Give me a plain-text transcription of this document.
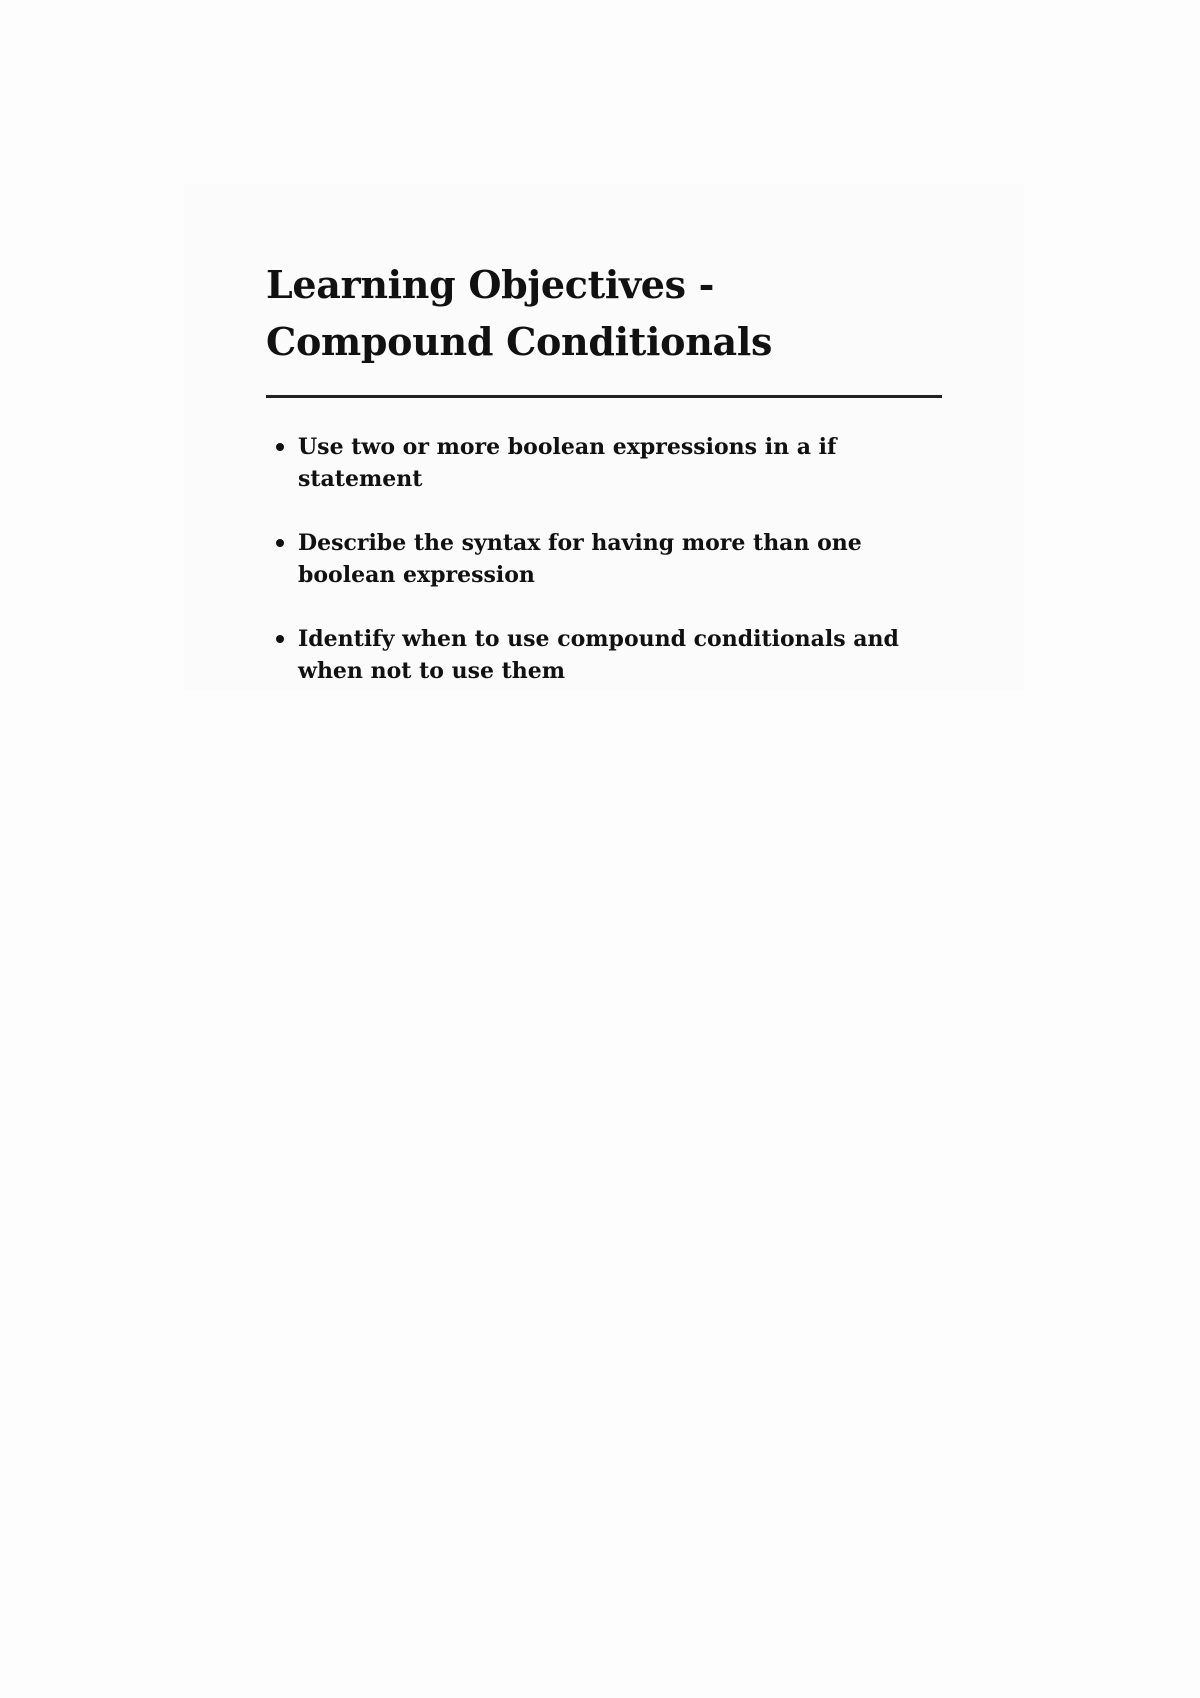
Learning Objectives - Compound Conditionals
Use two or more boolean expressions in a if statement
Describe the syntax for having more than one boolean expression
Identify when to use compound conditionals and when not to use them
